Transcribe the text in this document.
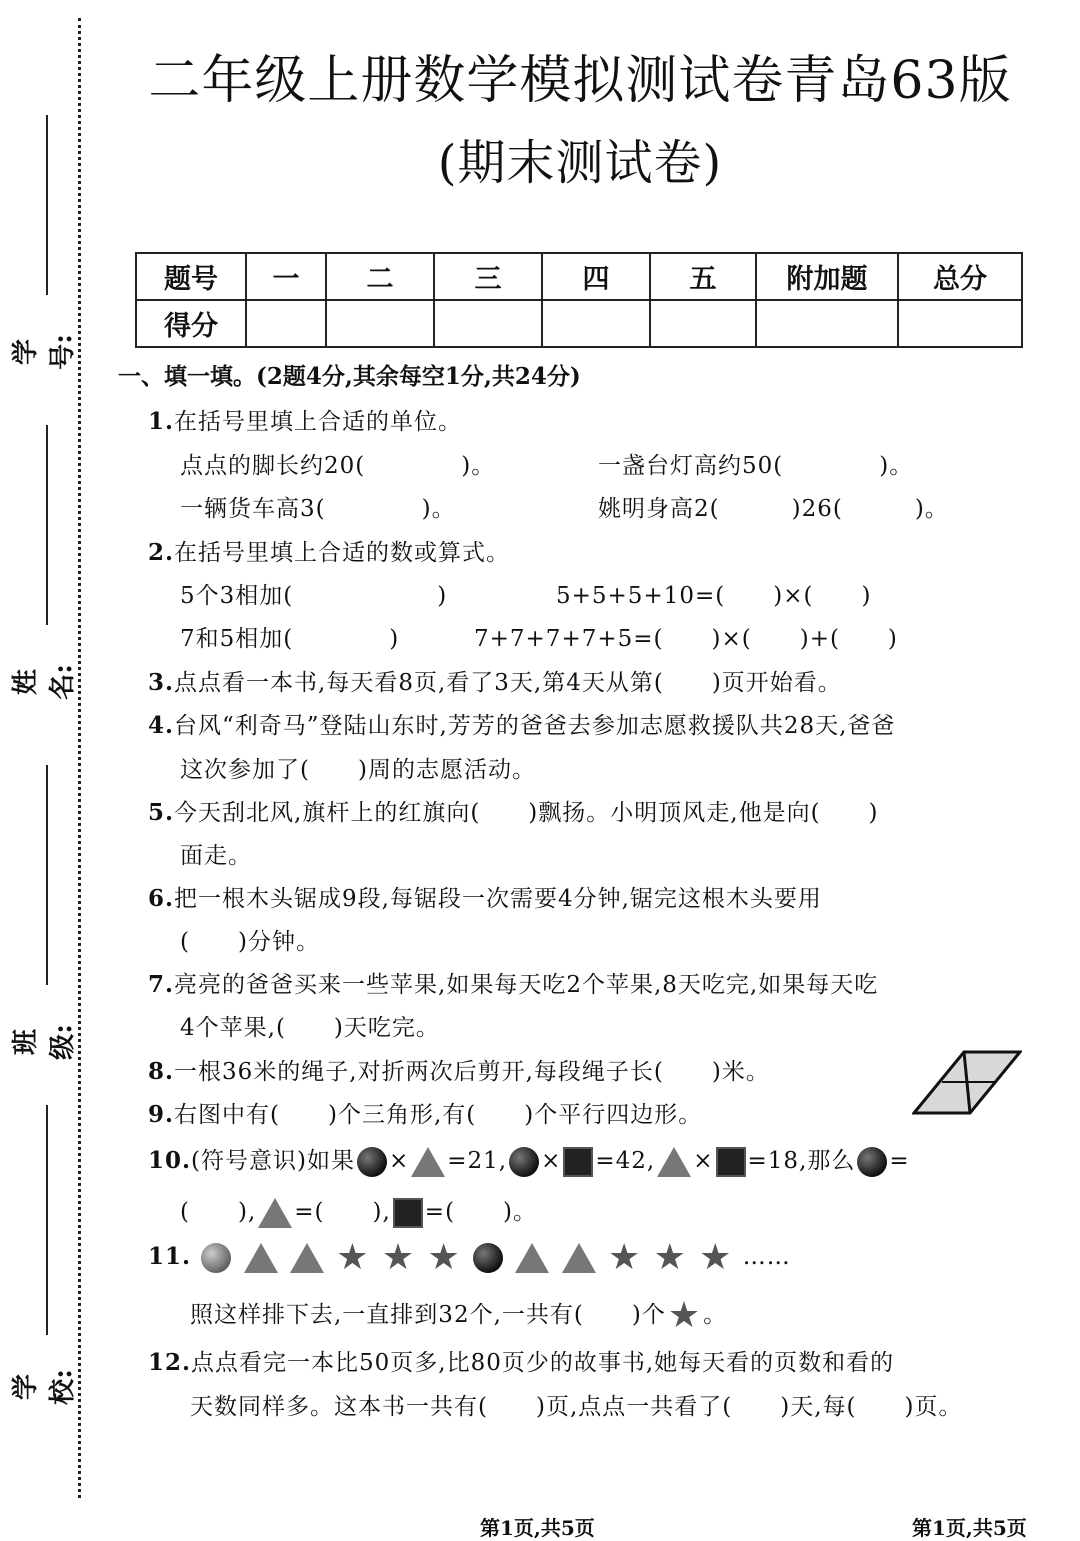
学号:
姓名:
班级:
学校:
二年级上册数学模拟测试卷青岛63版
(期末测试卷)
题号	一	二	三	四	五	附加题	总分
得分							
一、填一填。(2题4分,其余每空1分,共24分)
1.在括号里填上合适的单位。
点点的脚长约20(　　　　)。	一盏台灯高约50(　　　　)。
一辆货车高3(　　　　)。	姚明身高2(　　　)26(　　　)。
2.在括号里填上合适的数或算式。
5个3相加(　　　　　　)	5+5+5+10=(　　)×(　　)
7和5相加(　　　　)	7+7+7+7+5=(　　)×(　　)+(　　)
3.点点看一本书,每天看8页,看了3天,第4天从第(　　)页开始看。
4.台风“利奇马”登陆山东时,芳芳的爸爸去参加志愿救援队共28天,爸爸
这次参加了(　　)周的志愿活动。
5.今天刮北风,旗杆上的红旗向(　　)飘扬。小明顶风走,他是向(　　)
面走。
6.把一根木头锯成9段,每锯段一次需要4分钟,锯完这根木头要用
(　　)分钟。
7.亮亮的爸爸买来一些苹果,如果每天吃2个苹果,8天吃完,如果每天吃
4个苹果,(　　)天吃完。
8.一根36米的绳子,对折两次后剪开,每段绳子长(　　)米。
9.右图中有(　　)个三角形,有(　　)个平行四边形。
10.(符号意识)如果 × =21, × =42, × =18,那么 =
(　　), =(　　), =(　　)。
11.	★ ★ ★	★ ★ ★ ……
照这样排下去,一直排到32个,一共有(　　)个★。
12.点点看完一本比50页多,比80页少的故事书,她每天看的页数和看的
天数同样多。这本书一共有(　　)页,点点一共看了(　　)天,每(　　)页。
第1页,共5页	第1页,共5页
